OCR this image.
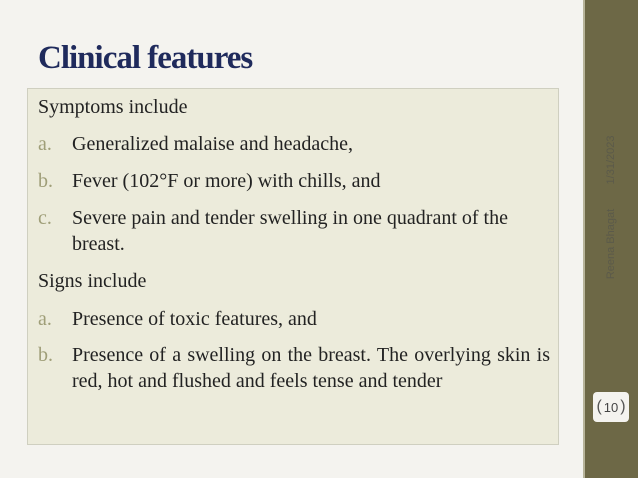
Clinical features
Symptoms include
a. Generalized malaise and headache,
b. Fever (102°F or more) with chills, and
c. Severe pain and tender swelling in one quadrant of the breast.
Signs include
a. Presence of toxic features, and
b. Presence of a swelling on the breast. The overlying skin is red, hot and flushed and feels tense and tender
1/31/2023
Reena Bhagat
( 10 )
